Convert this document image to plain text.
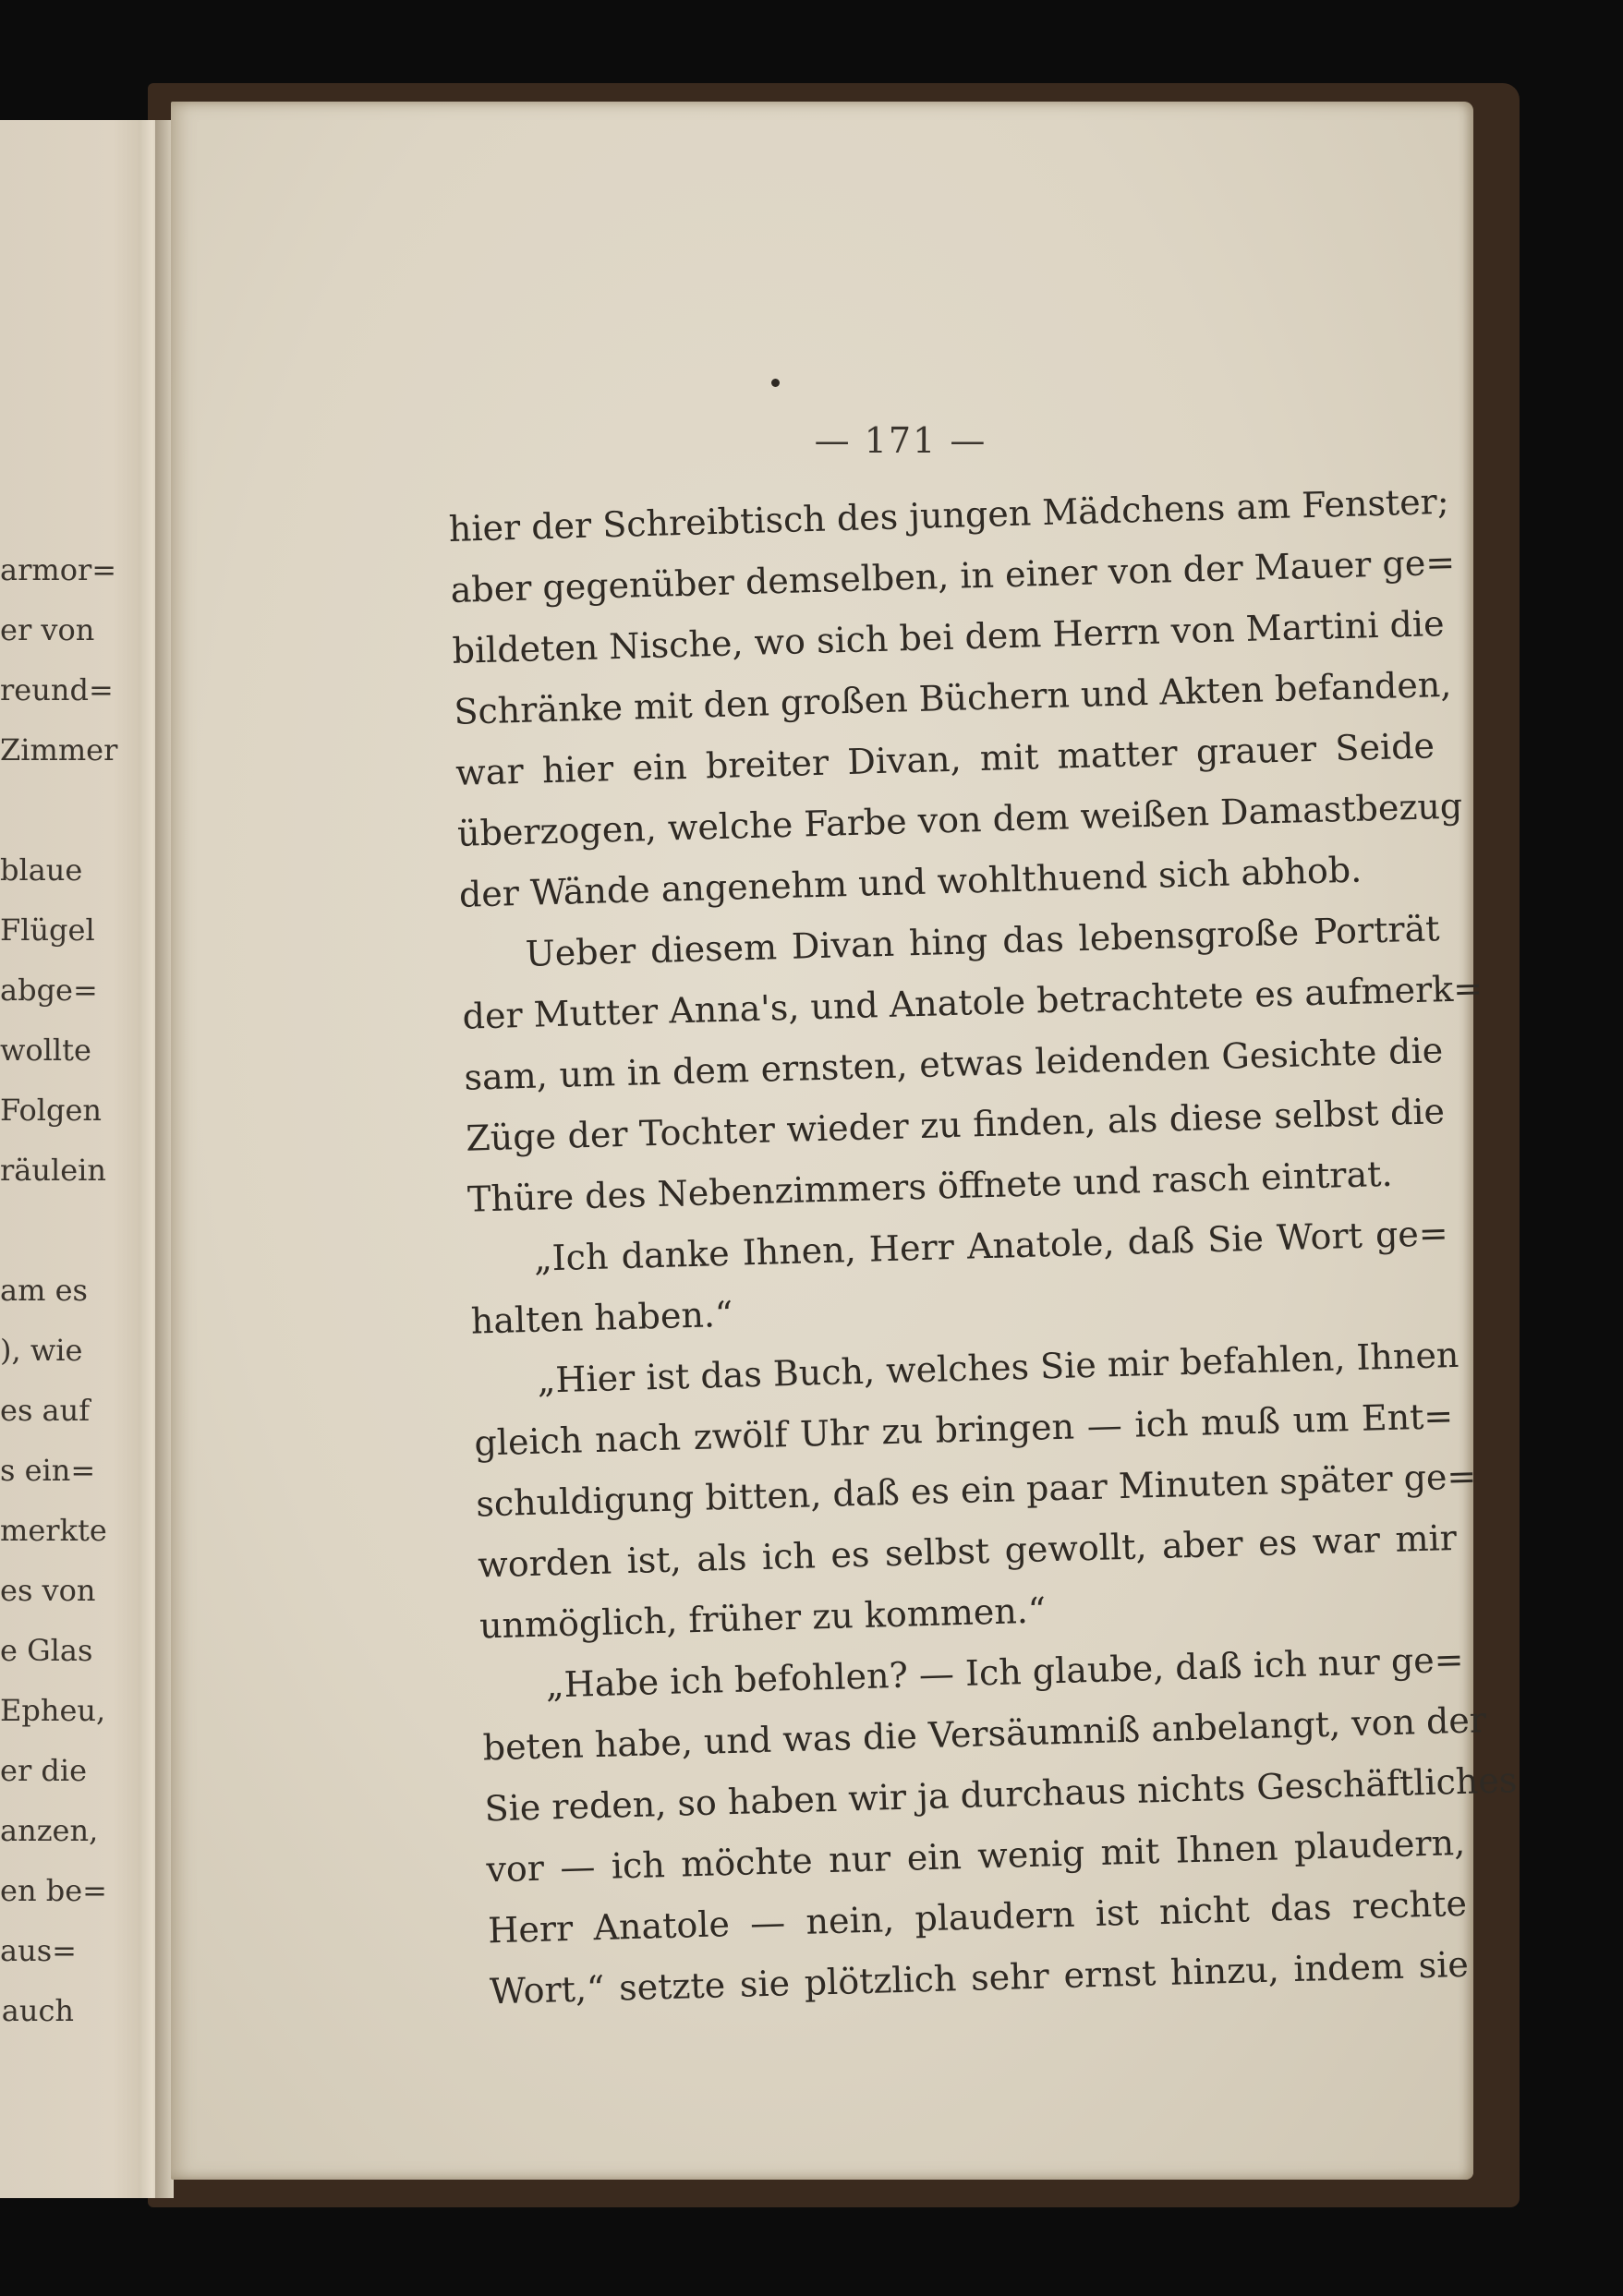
armor=
er von
reund=
Zimmer
blaue
Flügel
abge=
wollte
Folgen
räulein
am es
), wie
es auf
s ein=
merkte
es von
e Glas
Epheu,
er die
anzen,
en be=
aus=
auch
— 171 —
hier der Schreibtisch des jungen Mädchens am Fenster;
aber gegenüber demselben, in einer von der Mauer ge=
bildeten Nische, wo sich bei dem Herrn von Martini die
Schränke mit den großen Büchern und Akten befanden,
war hier ein breiter Divan, mit matter grauer Seide
überzogen, welche Farbe von dem weißen Damastbezug
der Wände angenehm und wohlthuend sich abhob.
Ueber diesem Divan hing das lebensgroße Porträt
der Mutter Anna's, und Anatole betrachtete es aufmerk=
sam, um in dem ernsten, etwas leidenden Gesichte die
Züge der Tochter wieder zu finden, als diese selbst die
Thüre des Nebenzimmers öffnete und rasch eintrat.
„Ich danke Ihnen, Herr Anatole, daß Sie Wort ge=
halten haben.“
„Hier ist das Buch, welches Sie mir befahlen, Ihnen
gleich nach zwölf Uhr zu bringen — ich muß um Ent=
schuldigung bitten, daß es ein paar Minuten später ge=
worden ist, als ich es selbst gewollt, aber es war mir
unmöglich, früher zu kommen.“
„Habe ich befohlen? — Ich glaube, daß ich nur ge=
beten habe, und was die Versäumniß anbelangt, von der
Sie reden, so haben wir ja durchaus nichts Geschäftliches
vor — ich möchte nur ein wenig mit Ihnen plaudern,
Herr Anatole — nein, plaudern ist nicht das rechte
Wort,“ setzte sie plötzlich sehr ernst hinzu, indem sie
